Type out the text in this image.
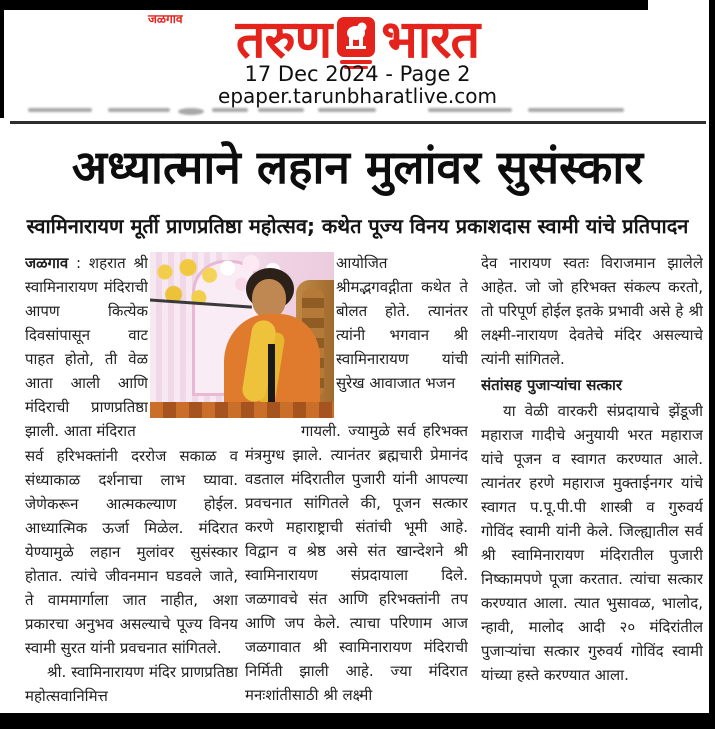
जळगाव तरुण भारत
17 Dec 2024 - Page 2
epaper.tarunbharatlive.com
अध्यात्माने लहान मुलांवर सुसंस्कार
स्वामिनारायण मूर्ती प्राणप्रतिष्ठा महोत्सव; कथेत पूज्य विनय प्रकाशदास स्वामी यांचे प्रतिपादन

जळगाव : शहरात श्री स्वामिनारायण मंदिराची आपण कित्येक दिवसांपासून वाट पाहत होतो, ती वेळ आता आली आणि मंदिराची प्राणप्रतिष्ठा झाली. आता मंदिरात

सर्व हरिभक्तांनी दररोज सकाळ व संध्याकाळ दर्शनाचा लाभ घ्यावा. जेणेकरून आत्मकल्याण होईल. आध्यात्मिक ऊर्जा मिळेल. मंदिरात येण्यामुळे लहान मुलांवर सुसंस्कार होतात. त्यांचे जीवनमान घडवले जाते, ते वाममार्गाला जात नाहीत, अशा प्रकारचा अनुभव असल्याचे पूज्य विनय स्वामी सुरत यांनी प्रवचनात सांगितले.

श्री. स्वामिनारायण मंदिर प्राणप्रतिष्ठा महोत्सवानिमित्त

आयोजित श्रीमद्भगवद्गीता कथेत ते बोलत होते. त्यानंतर त्यांनी भगवान श्री स्वामिनारायण यांची सुरेख आवाजात भजन

गायली. ज्यामुळे सर्व हरिभक्त मंत्रमुग्ध झाले. त्यानंतर ब्रह्मचारी प्रेमानंद वडताल मंदिरातील पुजारी यांनी आपल्या प्रवचनात सांगितले की, पूजन सत्कार करणे महाराष्ट्राची संतांची भूमी आहे. विद्वान व श्रेष्ठ असे संत खान्देशने श्री स्वामिनारायण संप्रदायाला दिले. जळगावचे संत आणि हरिभक्तांनी तप आणि जप केले. त्याचा परिणाम आज जळगावात श्री स्वामिनारायण मंदिराची निर्मिती झाली आहे. ज्या मंदिरात मनःशांतीसाठी श्री लक्ष्मी

देव नारायण स्वतः विराजमान झालेले आहेत. जो जो हरिभक्त संकल्प करतो, तो परिपूर्ण होईल इतके प्रभावी असे हे श्री लक्ष्मी-नारायण देवतेचे मंदिर असल्याचे त्यांनी सांगितले.

संतांसह पुजाऱ्यांचा सत्कार

या वेळी वारकरी संप्रदायाचे झेंडूजी महाराज गादीचे अनुयायी भरत महाराज यांचे पूजन व स्वागत करण्यात आले. त्यानंतर हरणे महाराज मुक्ताईनगर यांचे स्वागत प.पू.पी.पी शास्त्री व गुरुवर्य गोविंद स्वामी यांनी केले. जिल्ह्यातील सर्व श्री स्वामिनारायण मंदिरातील पुजारी निष्कामपणे पूजा करतात. त्यांचा सत्कार करण्यात आला. त्यात भुसावळ, भालोद, न्हावी, मालोद आदी २० मंदिरांतील पुजाऱ्यांचा सत्कार गुरुवर्य गोविंद स्वामी यांच्या हस्ते करण्यात आला.
